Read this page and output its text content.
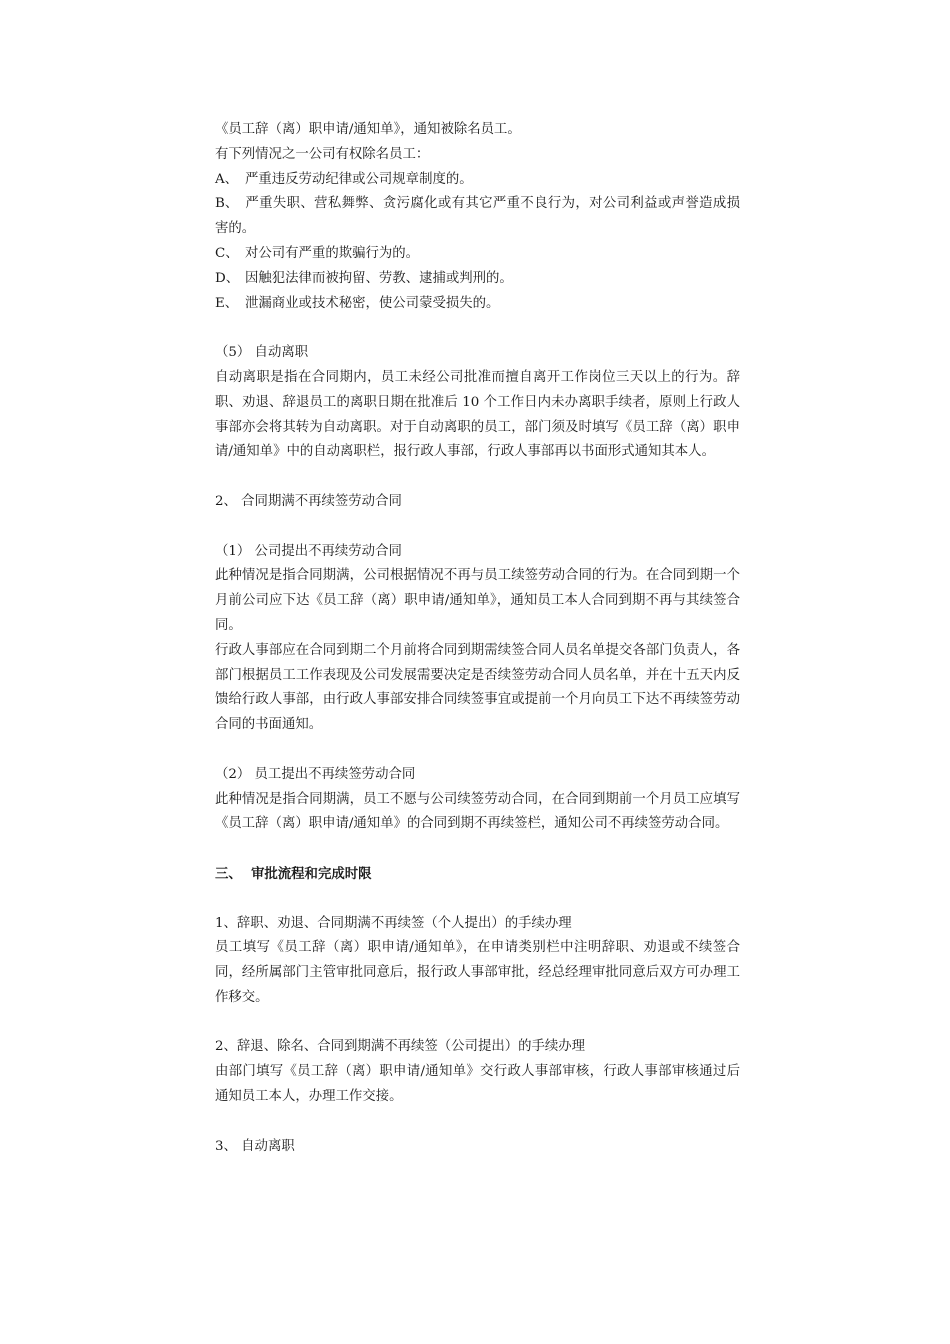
《员工辞（离）职申请/通知单》，通知被除名员工。
有下列情况之一公司有权除名员工：
A、 严重违反劳动纪律或公司规章制度的。
B、 严重失职、营私舞弊、贪污腐化或有其它严重不良行为，对公司利益或声誉造成损害的。
C、 对公司有严重的欺骗行为的。
D、 因触犯法律而被拘留、劳教、逮捕或判刑的。
E、 泄漏商业或技术秘密，使公司蒙受损失的。
（5） 自动离职
自动离职是指在合同期内，员工未经公司批准而擅自离开工作岗位三天以上的行为。辞职、劝退、辞退员工的离职日期在批准后 10 个工作日内未办离职手续者，原则上行政人事部亦会将其转为自动离职。对于自动离职的员工，部门须及时填写《员工辞（离）职申请/通知单》中的自动离职栏，报行政人事部，行政人事部再以书面形式通知其本人。
2、 合同期满不再续签劳动合同
（1） 公司提出不再续劳动合同
此种情况是指合同期满，公司根据情况不再与员工续签劳动合同的行为。在合同到期一个月前公司应下达《员工辞（离）职申请/通知单》，通知员工本人合同到期不再与其续签合同。
行政人事部应在合同到期二个月前将合同到期需续签合同人员名单提交各部门负责人，各部门根据员工工作表现及公司发展需要决定是否续签劳动合同人员名单，并在十五天内反馈给行政人事部，由行政人事部安排合同续签事宜或提前一个月向员工下达不再续签劳动合同的书面通知。
（2） 员工提出不再续签劳动合同
此种情况是指合同期满，员工不愿与公司续签劳动合同，在合同到期前一个月员工应填写《员工辞（离）职申请/通知单》的合同到期不再续签栏，通知公司不再续签劳动合同。
三、 审批流程和完成时限
1、辞职、劝退、合同期满不再续签（个人提出）的手续办理
员工填写《员工辞（离）职申请/通知单》，在申请类别栏中注明辞职、劝退或不续签合同，经所属部门主管审批同意后，报行政人事部审批，经总经理审批同意后双方可办理工作移交。
2、辞退、除名、合同到期满不再续签（公司提出）的手续办理
由部门填写《员工辞（离）职申请/通知单》交行政人事部审核，行政人事部审核通过后通知员工本人，办理工作交接。
3、 自动离职
